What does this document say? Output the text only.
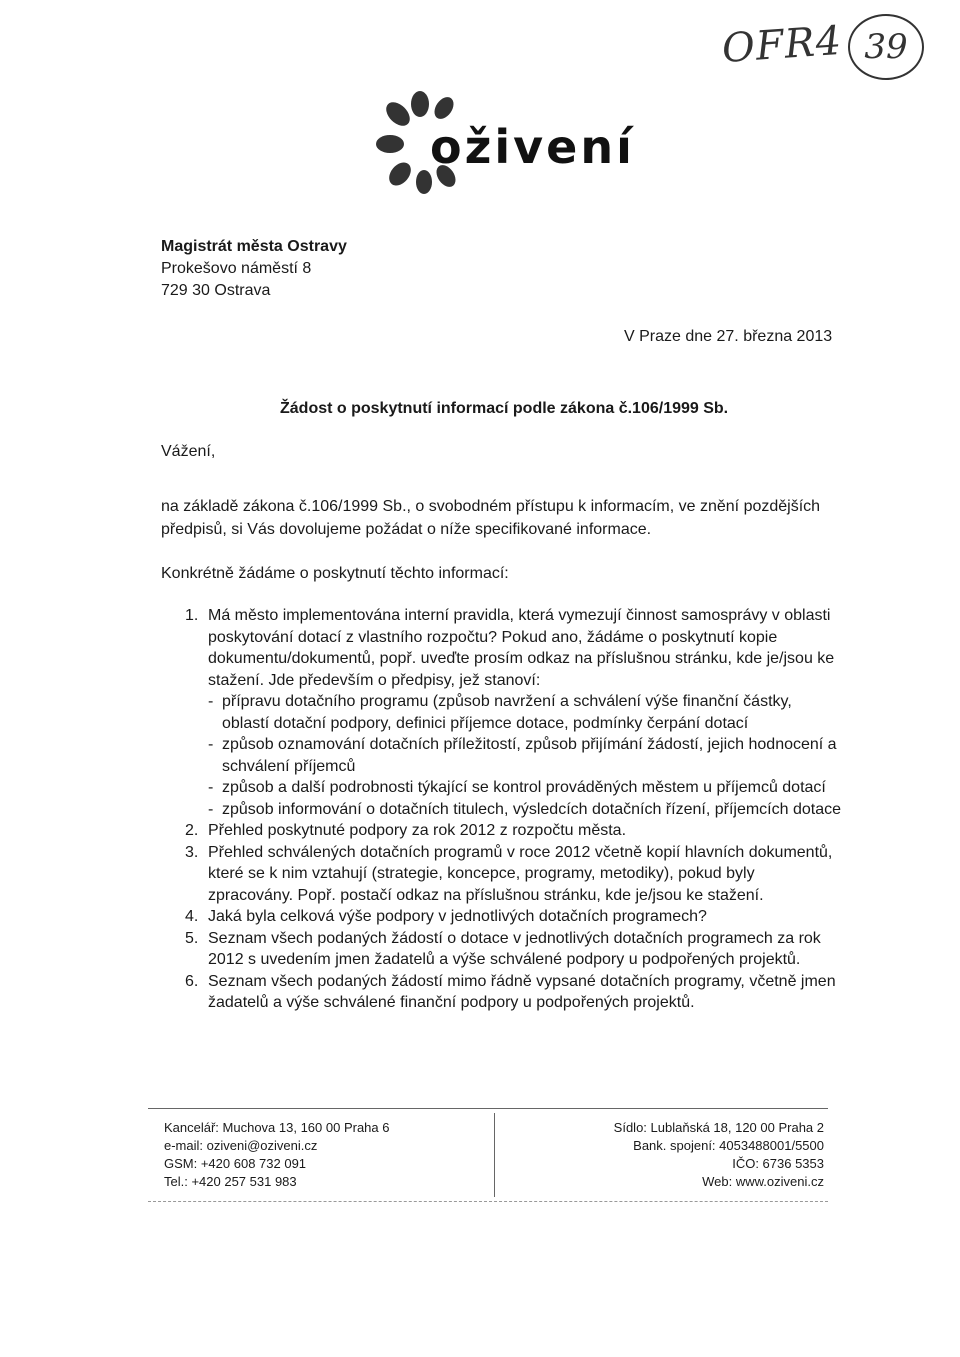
OFR4 39
oživení
Magistrát města Ostravy
Prokešovo náměstí 8
729 30 Ostrava
V Praze dne 27. března 2013
Žádost o poskytnutí informací podle zákona č.106/1999 Sb.
Vážení,
na základě zákona č.106/1999 Sb., o svobodném přístupu k informacím, ve znění pozdějších předpisů, si Vás dovolujeme požádat o níže specifikované informace.
Konkrétně žádáme o poskytnutí těchto informací:
1. Má město implementována interní pravidla, která vymezují činnost samosprávy v oblasti poskytování dotací z vlastního rozpočtu? Pokud ano, žádáme o poskytnutí kopie dokumentu/dokumentů, popř. uveďte prosím odkaz na příslušnou stránku, kde je/jsou ke stažení. Jde především o předpisy, jež stanoví:
- přípravu dotačního programu (způsob navržení a schválení výše finanční částky, oblastí dotační podpory, definici příjemce dotace, podmínky čerpání dotací
- způsob oznamování dotačních příležitostí, způsob přijímání žádostí, jejich hodnocení a schválení příjemců
- způsob a další podrobnosti týkající se kontrol prováděných městem u příjemců dotací
- způsob informování o dotačních titulech, výsledcích dotačních řízení, příjemcích dotace
2. Přehled poskytnuté podpory za rok 2012 z rozpočtu města.
3. Přehled schválených dotačních programů v roce 2012 včetně kopií hlavních dokumentů, které se k nim vztahují (strategie, koncepce, programy, metodiky), pokud byly zpracovány. Popř. postačí odkaz na příslušnou stránku, kde je/jsou ke stažení.
4. Jaká byla celková výše podpory v jednotlivých dotačních programech?
5. Seznam všech podaných žádostí o dotace v jednotlivých dotačních programech za rok 2012 s uvedením jmen žadatelů a výše schválené podpory u podpořených projektů.
6. Seznam všech podaných žádostí mimo řádně vypsané dotačních programy, včetně jmen žadatelů a výše schválené finanční podpory u podpořených projektů.
Kancelář: Muchova 13, 160 00 Praha 6
e-mail: oziveni@oziveni.cz
GSM: +420 608 732 091
Tel.: +420 257 531 983
Sídlo: Lublaňská 18, 120 00 Praha 2
Bank. spojení: 4053488001/5500
IČO: 6736 5353
Web: www.oziveni.cz
